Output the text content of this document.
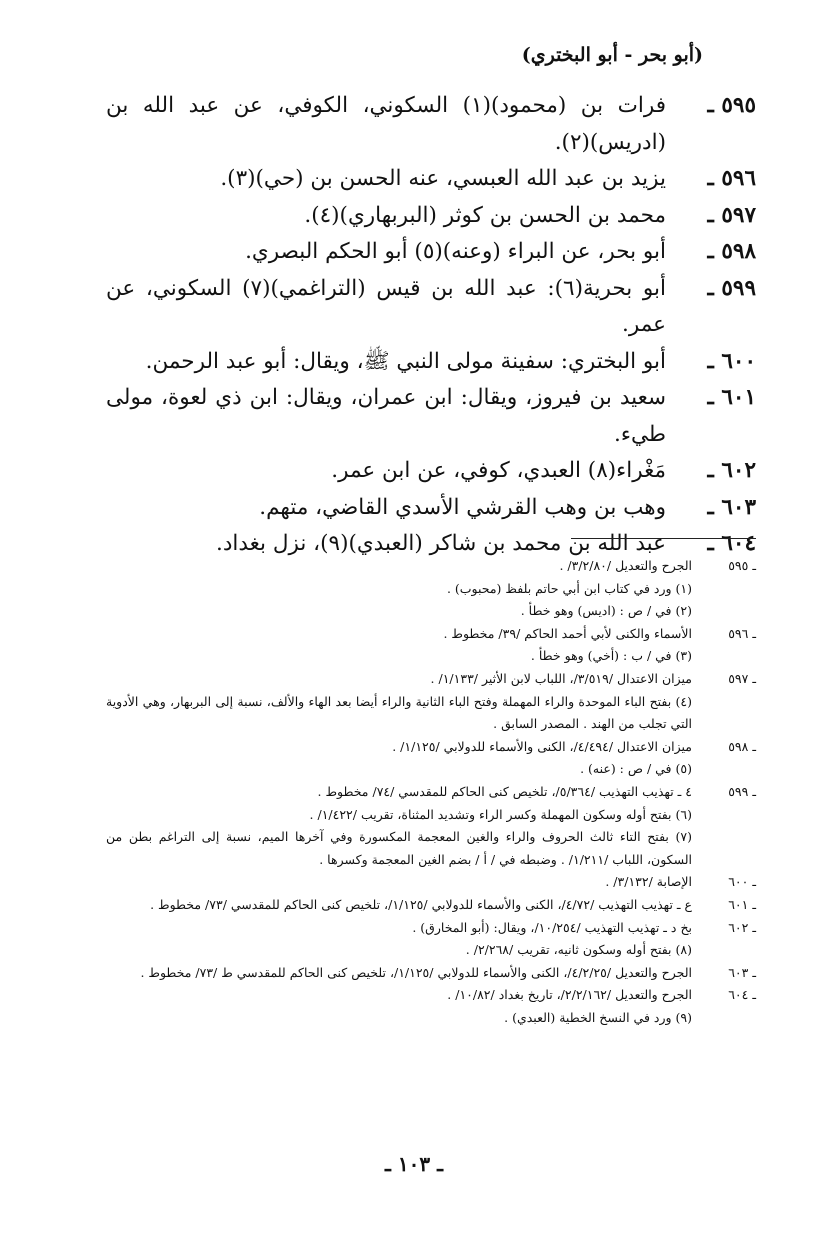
(أبو بحر - أبو البختري)
٥٩٥ ـ
فرات بن (محمود)(١) السكوني، الكوفي، عن عبد الله بن (ادريس)(٢).
٥٩٦ ـ
يزيد بن عبد الله العبسي، عنه الحسن بن (حي)(٣).
٥٩٧ ـ
محمد بن الحسن بن كوثر (البربهاري)(٤).
٥٩٨ ـ
أبو بحر، عن البراء (وعنه)(٥) أبو الحكم البصري.
٥٩٩ ـ
أبو بحرية(٦): عبد الله بن قيس (التراغمي)(٧) السكوني، عن عمر.
٦٠٠ ـ
أبو البختري: سفينة مولى النبي ﷺ، ويقال: أبو عبد الرحمن.
٦٠١ ـ
سعيد بن فيروز، ويقال: ابن عمران، ويقال: ابن ذي لعوة، مولى طيء.
٦٠٢ ـ
مَغْراء(٨) العبدي، كوفي، عن ابن عمر.
٦٠٣ ـ
وهب بن وهب القرشي الأسدي القاضي، متهم.
٦٠٤ ـ
عبد الله بن محمد بن شاكر (العبدي)(٩)، نزل بغداد.
ـ ٥٩٥
الجرح والتعديل /٣/٢/٨٠/ .
(١) ورد في كتاب ابن أبي حاتم بلفظ (محبوب) .
(٢) في / ص : (اديس) وهو خطأ .
ـ ٥٩٦
الأسماء والكنى لأبي أحمد الحاكم /٣٩/ مخطوط .
(٣) في / ب : (أخي) وهو خطأ .
ـ ٥٩٧
ميزان الاعتدال /٣/٥١٩/، اللباب لابن الأثير /١/١٣٣/ .
(٤) بفتح الباء الموحدة والراء المهملة وفتح الباء الثانية والراء أيضا بعد الهاء والألف، نسبة إلى البربهار، وهي الأدوية التي تجلب من الهند . المصدر السابق .
ـ ٥٩٨
ميزان الاعتدال /٤/٤٩٤/، الكنى والأسماء للدولابي /١/١٢٥/ .
(٥) في / ص : (عنه) .
ـ ٥٩٩
٤ ـ تهذيب التهذيب /٥/٣٦٤/، تلخيص كنى الحاكم للمقدسي /٧٤/ مخطوط .
(٦) بفتح أوله وسكون المهملة وكسر الراء وتشديد المثناة، تقريب /١/٤٢٢/ .
(٧) بفتح التاء ثالث الحروف والراء والغين المعجمة المكسورة وفي آخرها الميم، نسبة إلى التراغم بطن من السكون، اللباب /١/٢١١/ . وضبطه في / أ / بضم الغين المعجمة وكسرها .
ـ ٦٠٠
الإصابة /٣/١٣٢/ .
ـ ٦٠١
ع ـ تهذيب التهذيب /٤/٧٢/، الكنى والأسماء للدولابي /١/١٢٥/، تلخيص كنى الحاكم للمقدسي /٧٣/ مخطوط .
ـ ٦٠٢
بخ د ـ تهذيب التهذيب /١٠/٢٥٤/، ويقال: (أبو المخارق) .
(٨) بفتح أوله وسكون ثانيه، تقريب /٢/٢٦٨/ .
ـ ٦٠٣
الجرح والتعديل /٤/٢/٢٥/، الكنى والأسماء للدولابي /١/١٢٥/، تلخيص كنى الحاكم للمقدسي ط /٧٣/ مخطوط .
ـ ٦٠٤
الجرح والتعديل /٢/٢/١٦٢/، تاريخ بغداد /١٠/٨٢/ .
(٩) ورد في النسخ الخطية (العبدي) .
ـ ١٠٣ ـ
